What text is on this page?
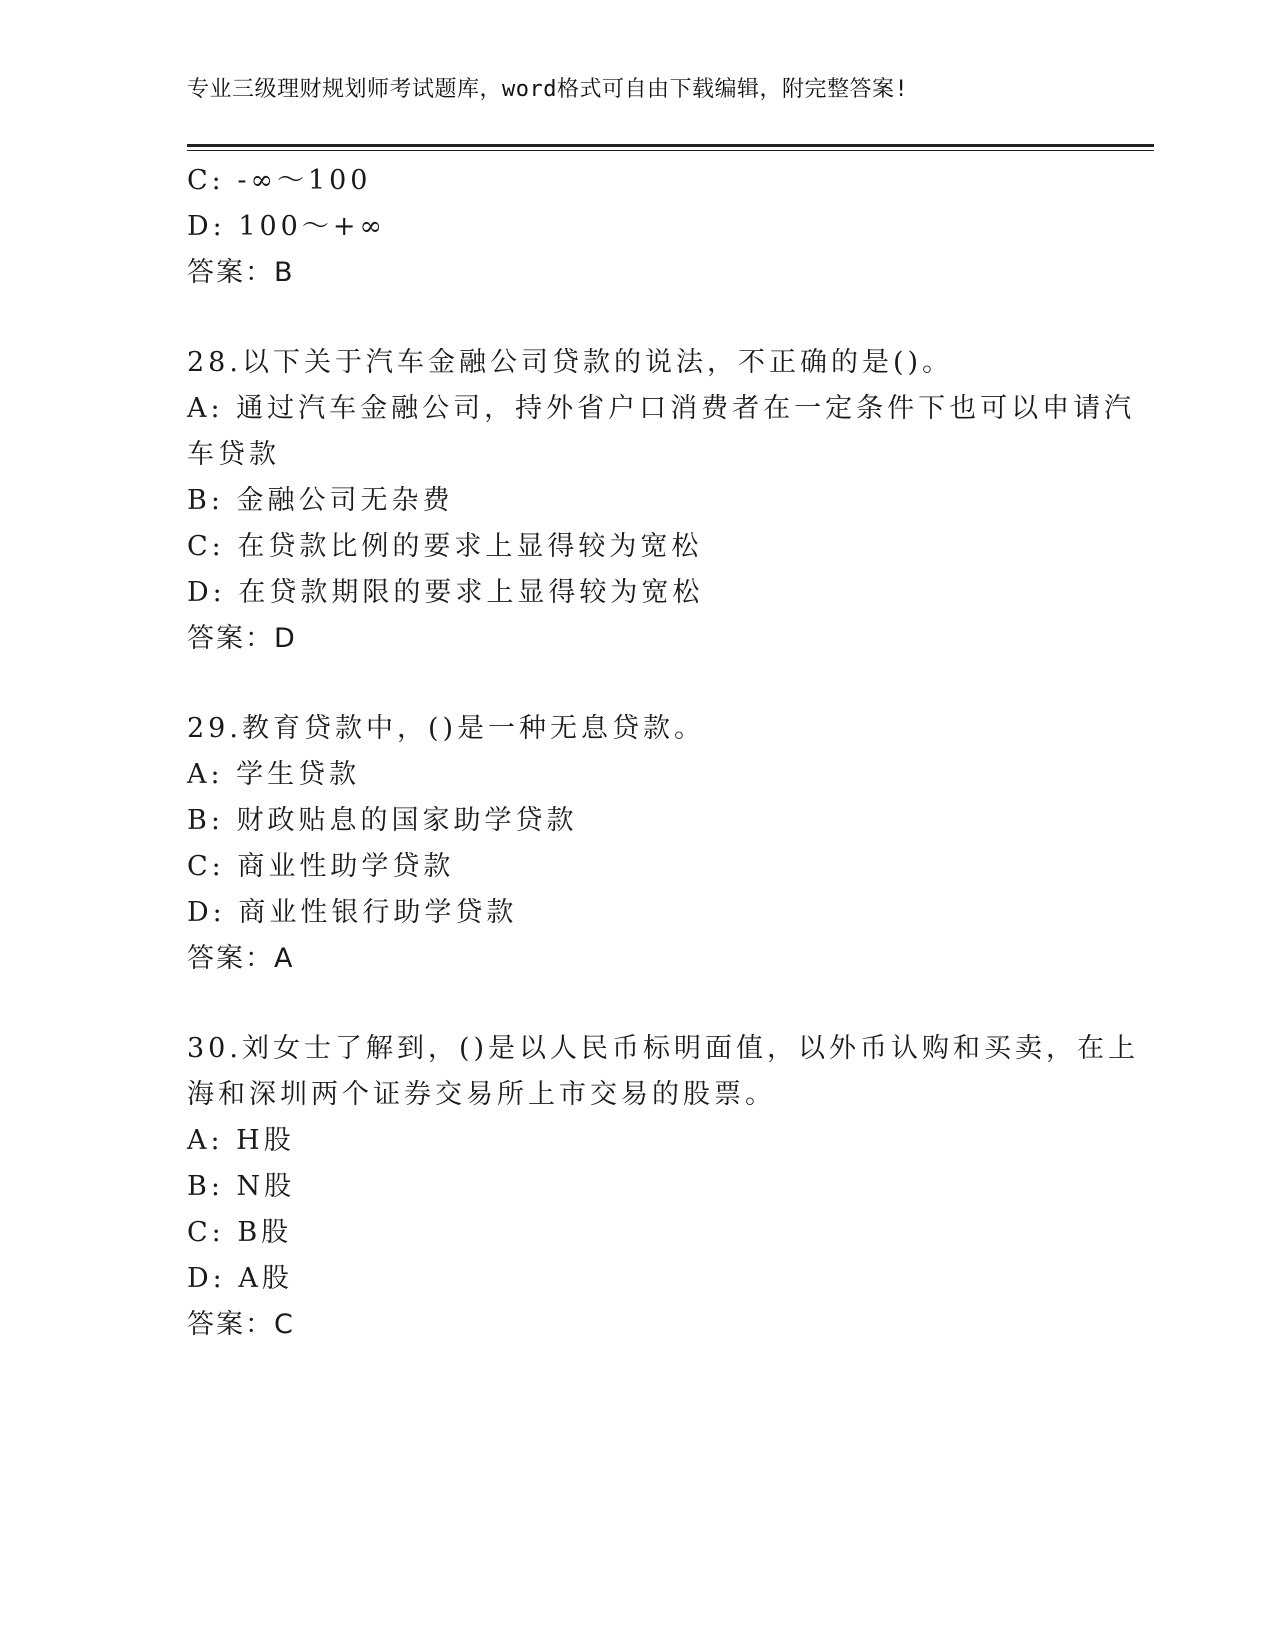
专业三级理财规划师考试题库，word格式可自由下载编辑，附完整答案!
C: -∞～100
D: 100～+∞
答案：B
28.以下关于汽车金融公司贷款的说法，不正确的是()。
A: 通过汽车金融公司，持外省户口消费者在一定条件下也可以申请汽
车贷款
B: 金融公司无杂费
C: 在贷款比例的要求上显得较为宽松
D: 在贷款期限的要求上显得较为宽松
答案：D
29.教育贷款中，()是一种无息贷款。
A: 学生贷款
B: 财政贴息的国家助学贷款
C: 商业性助学贷款
D: 商业性银行助学贷款
答案：A
30.刘女士了解到，()是以人民币标明面值，以外币认购和买卖，在上
海和深圳两个证券交易所上市交易的股票。
A: H股
B: N股
C: B股
D: A股
答案：C
